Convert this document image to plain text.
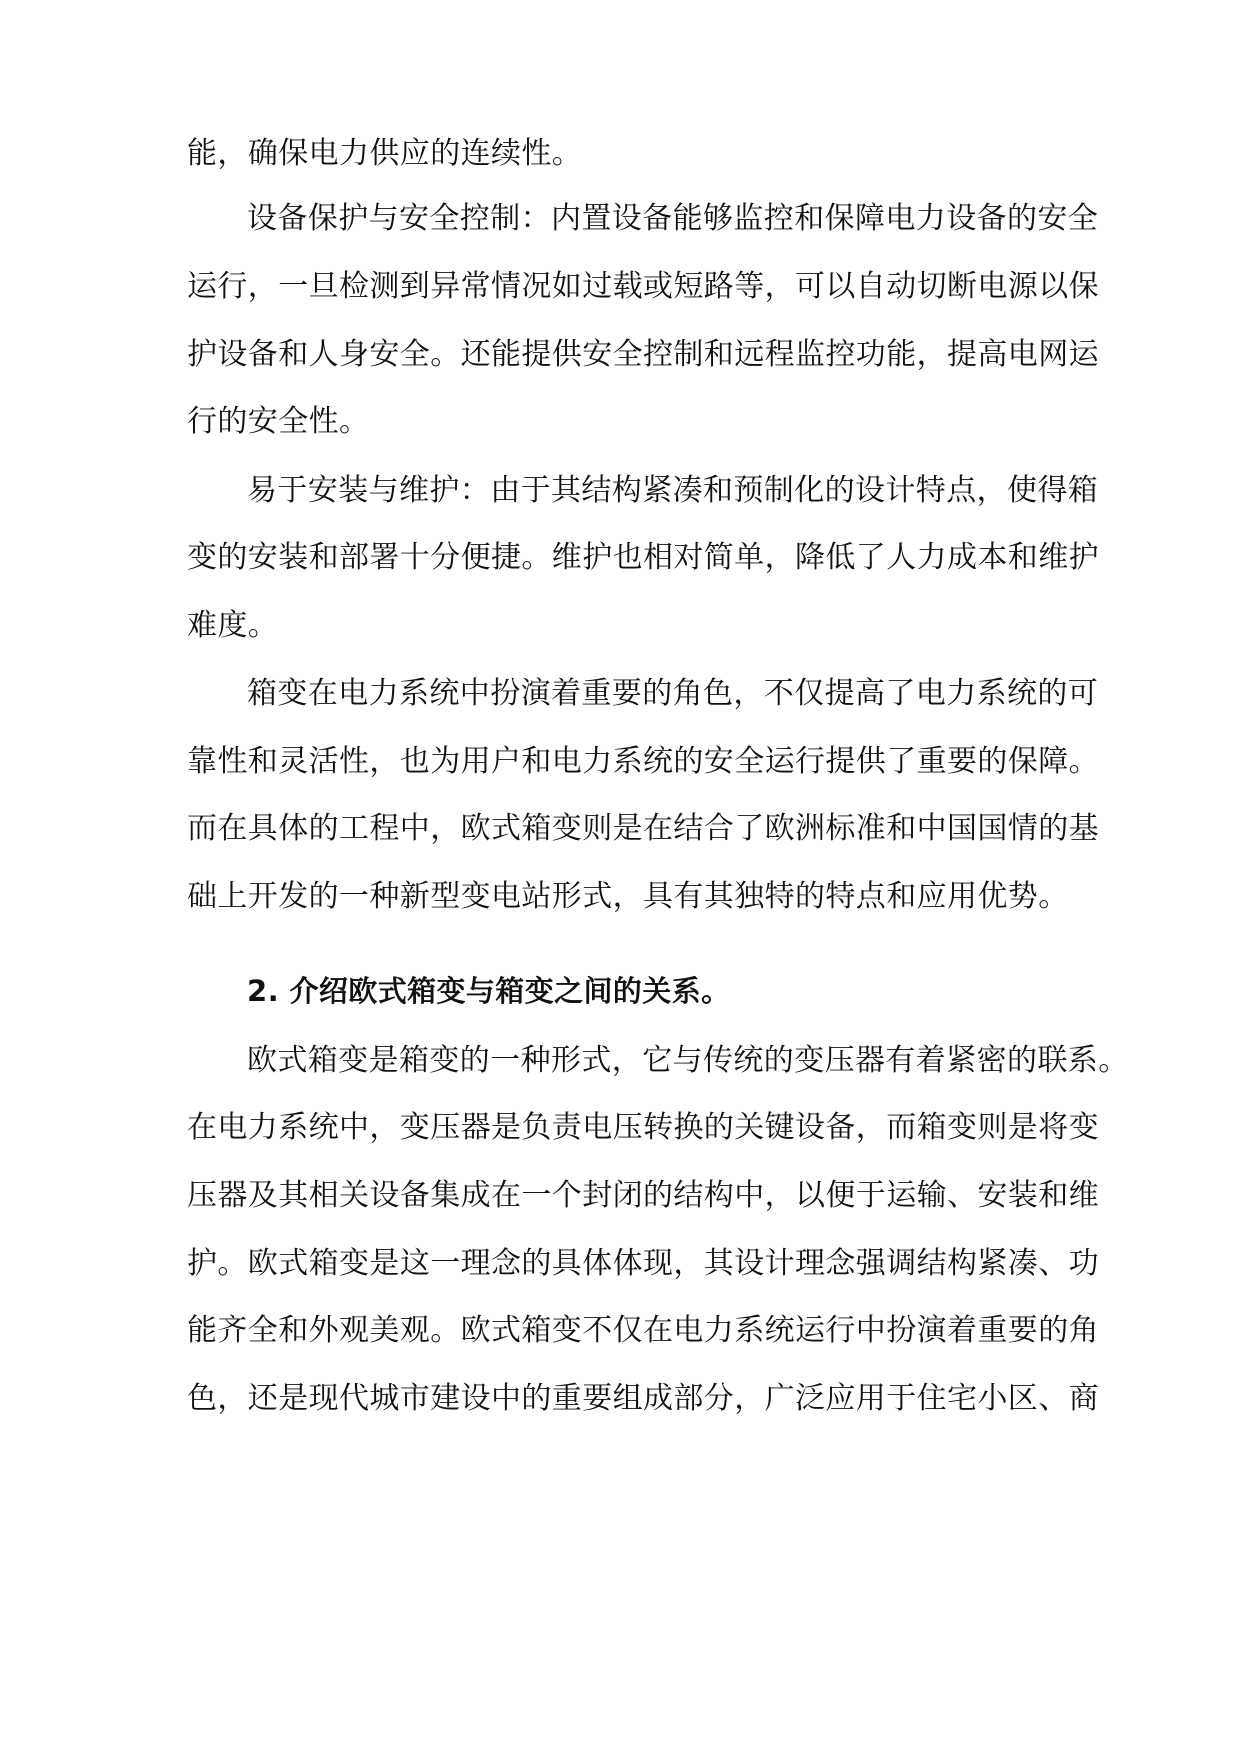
能，确保电力供应的连续性。
设备保护与安全控制：内置设备能够监控和保障电力设备的安全
运行，一旦检测到异常情况如过载或短路等，可以自动切断电源以保
护设备和人身安全。还能提供安全控制和远程监控功能，提高电网运
行的安全性。
易于安装与维护：由于其结构紧凑和预制化的设计特点，使得箱
变的安装和部署十分便捷。维护也相对简单，降低了人力成本和维护
难度。
箱变在电力系统中扮演着重要的角色，不仅提高了电力系统的可
靠性和灵活性，也为用户和电力系统的安全运行提供了重要的保障。
而在具体的工程中，欧式箱变则是在结合了欧洲标准和中国国情的基
础上开发的一种新型变电站形式，具有其独特的特点和应用优势。
2. 介绍欧式箱变与箱变之间的关系。
欧式箱变是箱变的一种形式，它与传统的变压器有着紧密的联系。
在电力系统中，变压器是负责电压转换的关键设备，而箱变则是将变
压器及其相关设备集成在一个封闭的结构中，以便于运输、安装和维
护。欧式箱变是这一理念的具体体现，其设计理念强调结构紧凑、功
能齐全和外观美观。欧式箱变不仅在电力系统运行中扮演着重要的角
色，还是现代城市建设中的重要组成部分，广泛应用于住宅小区、商
